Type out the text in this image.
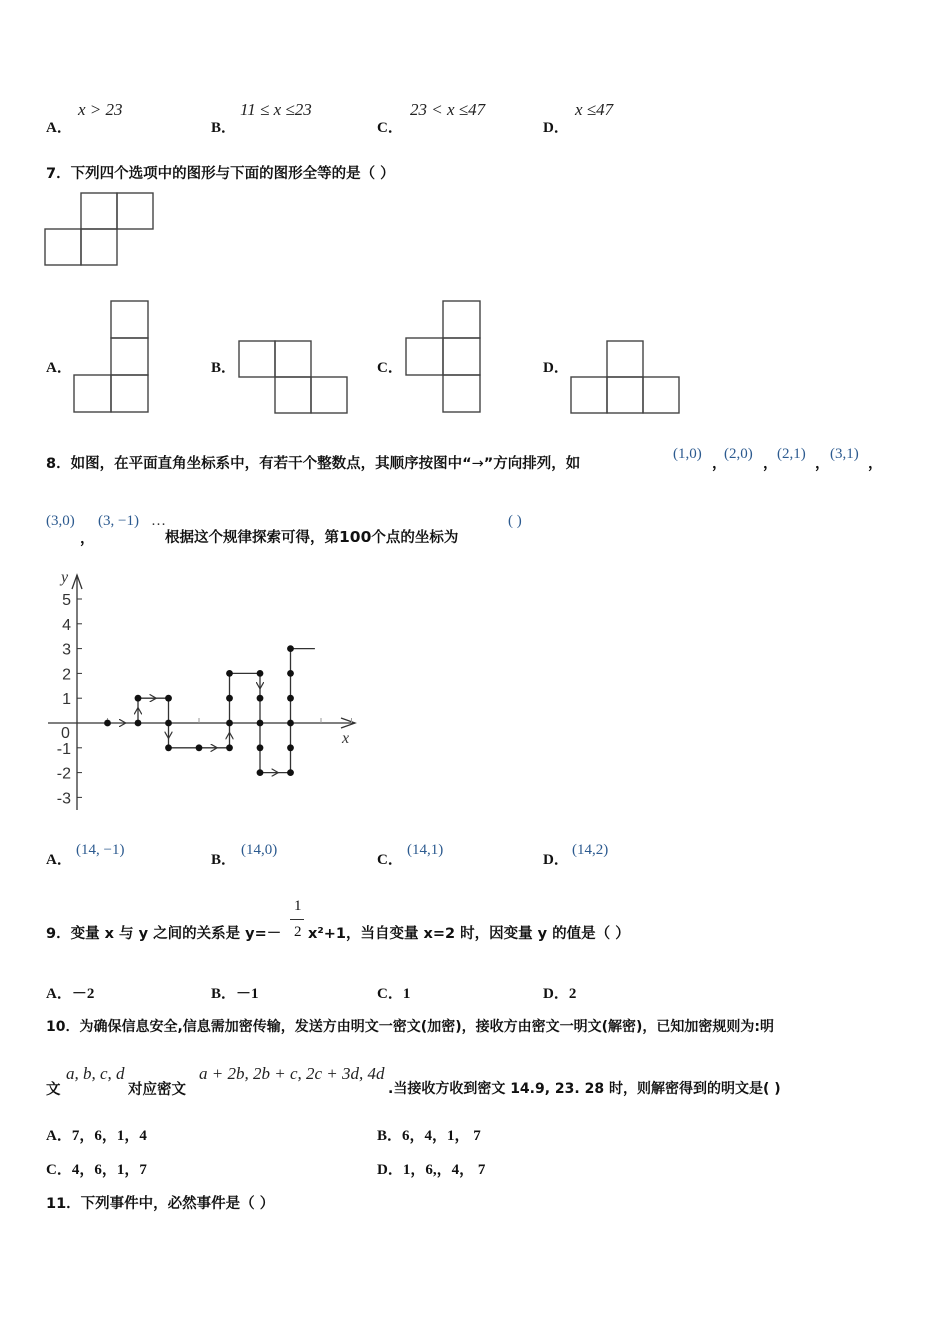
A．
x > 23
B．
11 ≤ x ≤23
C．
23 < x ≤47
D．
x ≤47
7．下列四个选项中的图形与下面的图形全等的是（ ）
A．	B．	C．	D．
8．如图，在平面直角坐标系中，有若干个整数点，其顺序按图中“→”方向排列，如
(1,0)
，
(2,0)
，
(2,1)
，
(3,1)
，
(3,0)
，
(3, −1) …
根据这个规律探索可得，第100个点的坐标为
( )
5
4
3
2
1
-1
-2
-3
0	x
y
A．
(14, −1)
B．
(14,0)
C．
(14,1)
D．
(14,2)
9．变量 x 与 y 之间的关系是 y=－
1
2 x²+1，当自变量 x=2 时，因变量 y 的值是（ ）
A．－2	B．－1	C．1	D．2
10．为确保信息安全,信息需加密传输，发送方由明文一密文(加密)，接收方由密文一明文(解密)，已知加密规则为:明
文
a, b, c, d
对应密文
a + 2b, 2b + c, 2c + 3d, 4d
.当接收方收到密文 14.9, 23. 28 时，则解密得到的明文是( )
A．7，6，1，4	B．6，4，1， 7
C．4，6，1，7	D．1，6,，4， 7
11．下列事件中，必然事件是（ ）
